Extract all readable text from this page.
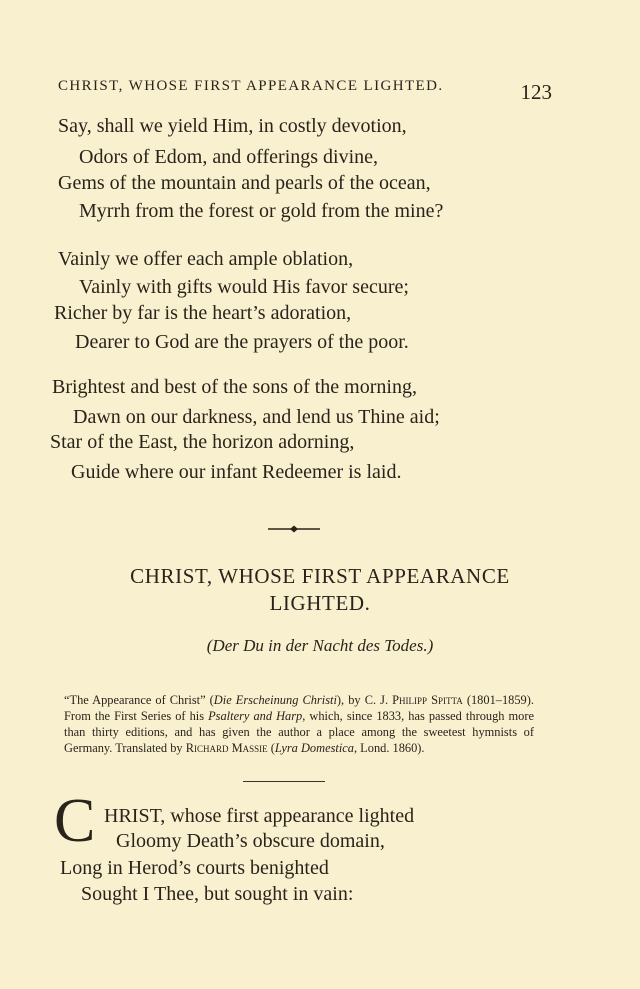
CHRIST, WHOSE FIRST APPEARANCE LIGHTED.	123
Say, shall we yield Him, in costly devotion,
Odors of Edom, and offerings divine,
Gems of the mountain and pearls of the ocean,
Myrrh from the forest or gold from the mine?
Vainly we offer each ample oblation,
Vainly with gifts would His favor secure;
Richer by far is the heart’s adoration,
Dearer to God are the prayers of the poor.
Brightest and best of the sons of the morning,
Dawn on our darkness, and lend us Thine aid;
Star of the East, the horizon adorning,
Guide where our infant Redeemer is laid.
CHRIST, WHOSE FIRST APPEARANCE
LIGHTED.
(Der Du in der Nacht des Todes.)
“The Appearance of Christ” (Die Erscheinung Christi), by C. J. Philipp Spitta (1801–1859). From the First Series of his Psaltery and Harp, which, since 1833, has passed through more than thirty editions, and has given the author a place among the sweetest hymnists of Germany. Translated by Richard Massie (Lyra Domestica, Lond. 1860).
C HRIST, whose first appearance lighted
Gloomy Death’s obscure domain,
Long in Herod’s courts benighted
Sought I Thee, but sought in vain:
